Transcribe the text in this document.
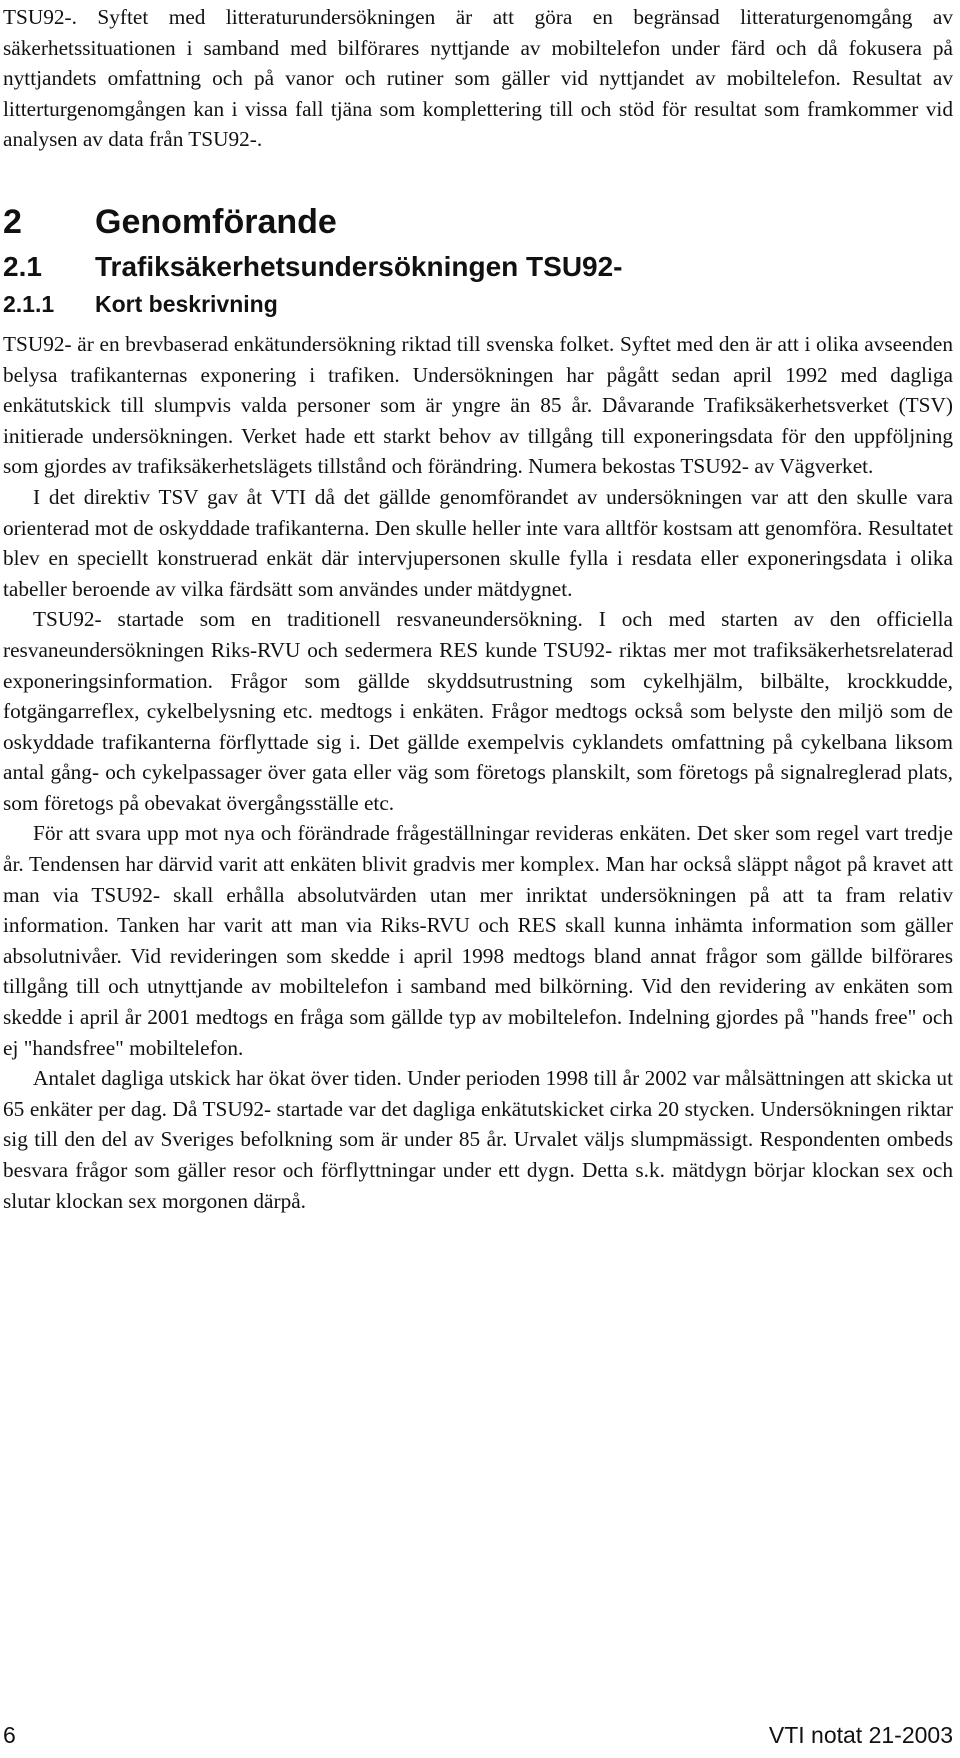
TSU92-. Syftet med litteraturundersökningen är att göra en begränsad litteraturgenomgång av säkerhetssituationen i samband med bilförares nyttjande av mobiltelefon under färd och då fokusera på nyttjandets omfattning och på vanor och rutiner som gäller vid nyttjandet av mobiltelefon. Resultat av litterturgenomgången kan i vissa fall tjäna som komplettering till och stöd för resultat som framkommer vid analysen av data från TSU92-.

2 Genomförande
2.1 Trafiksäkerhetsundersökningen TSU92-
2.1.1 Kort beskrivning

TSU92- är en brevbaserad enkätundersökning riktad till svenska folket. Syftet med den är att i olika avseenden belysa trafikanternas exponering i trafiken. Undersökningen har pågått sedan april 1992 med dagliga enkätutskick till slumpvis valda personer som är yngre än 85 år. Dåvarande Trafiksäkerhetsverket (TSV) initierade undersökningen. Verket hade ett starkt behov av tillgång till exponeringsdata för den uppföljning som gjordes av trafiksäkerhetslägets tillstånd och förändring. Numera bekostas TSU92- av Vägverket.

I det direktiv TSV gav åt VTI då det gällde genomförandet av undersökningen var att den skulle vara orienterad mot de oskyddade trafikanterna. Den skulle heller inte vara alltför kostsam att genomföra. Resultatet blev en speciellt konstruerad enkät där intervjupersonen skulle fylla i resdata eller exponeringsdata i olika tabeller beroende av vilka färdsätt som användes under mätdygnet.

TSU92- startade som en traditionell resvaneundersökning. I och med starten av den officiella resvaneundersökningen Riks-RVU och sedermera RES kunde TSU92- riktas mer mot trafiksäkerhetsrelaterad exponeringsinformation. Frågor som gällde skyddsutrustning som cykelhjälm, bilbälte, krockkudde, fotgängarreflex, cykelbelysning etc. medtogs i enkäten. Frågor medtogs också som belyste den miljö som de oskyddade trafikanterna förflyttade sig i. Det gällde exempelvis cyklandets omfattning på cykelbana liksom antal gång- och cykelpassager över gata eller väg som företogs planskilt, som företogs på signalreglerad plats, som företogs på obevakat övergångsställe etc.

För att svara upp mot nya och förändrade frågeställningar revideras enkäten. Det sker som regel vart tredje år. Tendensen har därvid varit att enkäten blivit gradvis mer komplex. Man har också släppt något på kravet att man via TSU92- skall erhålla absolutvärden utan mer inriktat undersökningen på att ta fram relativ information. Tanken har varit att man via Riks-RVU och RES skall kunna inhämta information som gäller absolutnivåer. Vid revideringen som skedde i april 1998 medtogs bland annat frågor som gällde bilförares tillgång till och utnyttjande av mobiltelefon i samband med bilkörning. Vid den revidering av enkäten som skedde i april år 2001 medtogs en fråga som gällde typ av mobiltelefon. Indelning gjordes på "hands free" och ej "handsfree" mobiltelefon.

Antalet dagliga utskick har ökat över tiden. Under perioden 1998 till år 2002 var målsättningen att skicka ut 65 enkäter per dag. Då TSU92- startade var det dagliga enkätutskicket cirka 20 stycken. Undersökningen riktar sig till den del av Sveriges befolkning som är under 85 år. Urvalet väljs slumpmässigt. Respondenten ombeds besvara frågor som gäller resor och förflyttningar under ett dygn. Detta s.k. mätdygn börjar klockan sex och slutar klockan sex morgonen därpå.

6	VTI notat 21-2003
